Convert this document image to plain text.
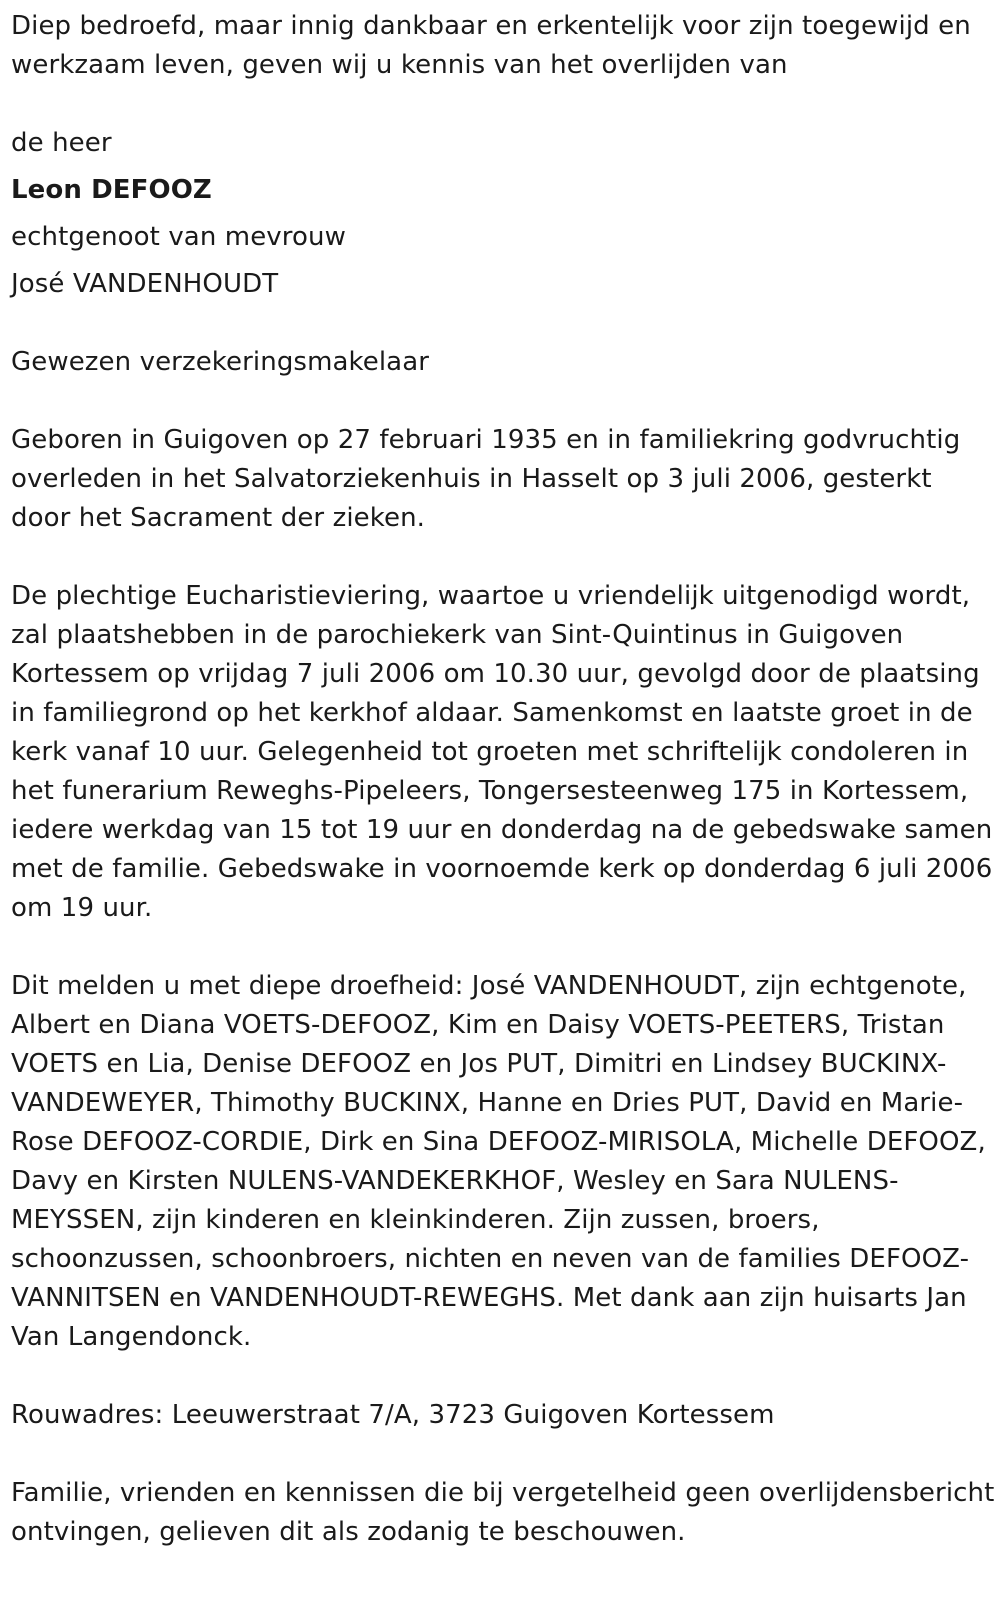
Diep bedroefd, maar innig dankbaar en erkentelijk voor zijn toegewijd en werkzaam leven, geven wij u kennis van het overlijden van

de heer

Leon DEFOOZ

echtgenoot van mevrouw

José VANDENHOUDT

Gewezen verzekeringsmakelaar

Geboren in Guigoven op 27 februari 1935 en in familiekring godvruchtig overleden in het Salvatorziekenhuis in Hasselt op 3 juli 2006, gesterkt door het Sacrament der zieken.

De plechtige Eucharistieviering, waartoe u vriendelijk uitgenodigd wordt, zal plaatshebben in de parochiekerk van Sint-Quintinus in Guigoven Kortessem op vrijdag 7 juli 2006 om 10.30 uur, gevolgd door de plaatsing in familiegrond op het kerkhof aldaar. Samenkomst en laatste groet in de kerk vanaf 10 uur. Gelegenheid tot groeten met schriftelijk condoleren in het funerarium Reweghs-Pipeleers, Tongersesteenweg 175 in Kortessem, iedere werkdag van 15 tot 19 uur en donderdag na de gebedswake samen met de familie. Gebedswake in voornoemde kerk op donderdag 6 juli 2006 om 19 uur.

Dit melden u met diepe droefheid: José VANDENHOUDT, zijn echtgenote, Albert en Diana VOETS-DEFOOZ, Kim en Daisy VOETS-PEETERS, Tristan VOETS en Lia, Denise DEFOOZ en Jos PUT, Dimitri en Lindsey BUCKINX-VANDEWEYER, Thimothy BUCKINX, Hanne en Dries PUT, David en Marie-Rose DEFOOZ-CORDIE, Dirk en Sina DEFOOZ-MIRISOLA, Michelle DEFOOZ, Davy en Kirsten NULENS-VANDEKERKHOF, Wesley en Sara NULENS-MEYSSEN, zijn kinderen en kleinkinderen. Zijn zussen, broers, schoonzussen, schoonbroers, nichten en neven van de families DEFOOZ-VANNITSEN en VANDENHOUDT-REWEGHS. Met dank aan zijn huisarts Jan Van Langendonck.

Rouwadres: Leeuwerstraat 7/A, 3723 Guigoven Kortessem

Familie, vrienden en kennissen die bij vergetelheid geen overlijdensbericht ontvingen, gelieven dit als zodanig te beschouwen.
